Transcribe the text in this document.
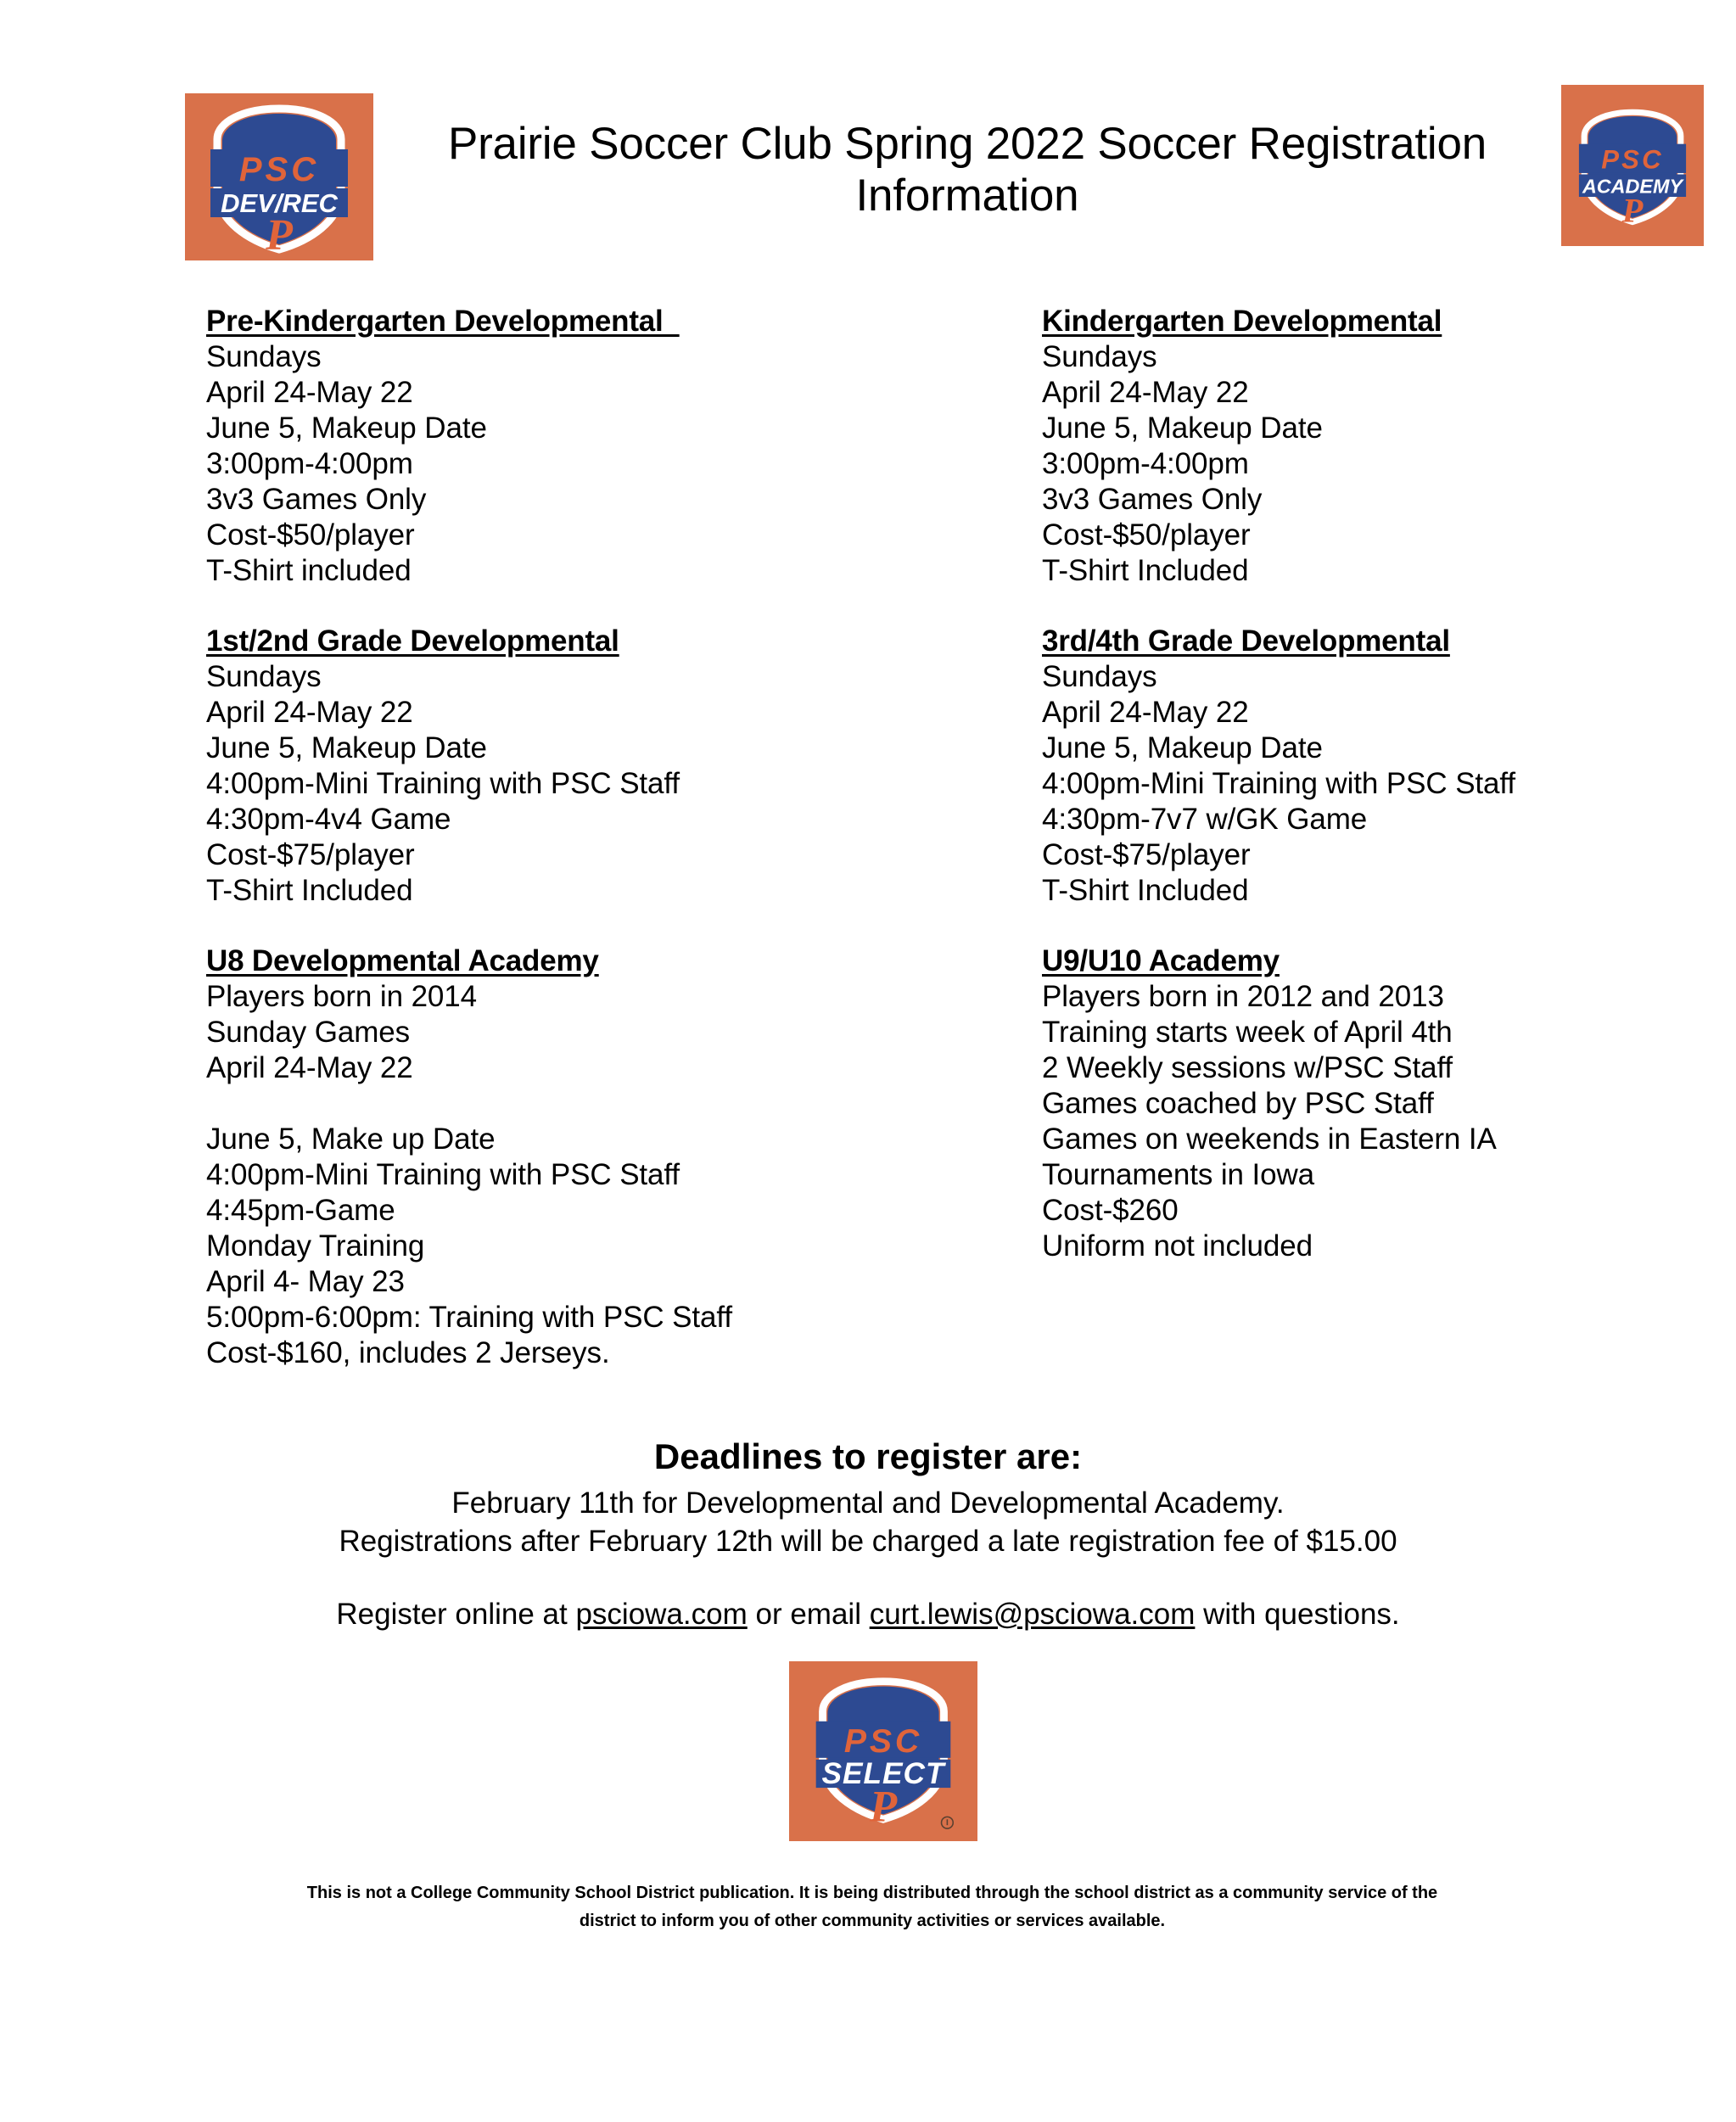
PSC
DEV/REC
P
Prairie Soccer Club Spring 2022 Soccer Registration
Information
PSC
ACADEMY
P
Pre-Kindergarten Developmental
Sundays
April 24-May 22
June 5, Makeup Date
3:00pm-4:00pm
3v3 Games Only
Cost-$50/player
T-Shirt included
1st/2nd Grade Developmental
Sundays
April 24-May 22
June 5, Makeup Date
4:00pm-Mini Training with PSC Staff
4:30pm-4v4 Game
Cost-$75/player
T-Shirt Included
U8 Developmental Academy
Players born in 2014
Sunday Games
April 24-May 22
June 5, Make up Date
4:00pm-Mini Training with PSC Staff
4:45pm-Game
Monday Training
April 4- May 23
5:00pm-6:00pm: Training with PSC Staff
Cost-$160, includes 2 Jerseys.
Kindergarten Developmental
Sundays
April 24-May 22
June 5, Makeup Date
3:00pm-4:00pm
3v3 Games Only
Cost-$50/player
T-Shirt Included
3rd/4th Grade Developmental
Sundays
April 24-May 22
June 5, Makeup Date
4:00pm-Mini Training with PSC Staff
4:30pm-7v7 w/GK Game
Cost-$75/player
T-Shirt Included
U9/U10 Academy
Players born in 2012 and 2013
Training starts week of April 4th
2 Weekly sessions w/PSC Staff
Games coached by PSC Staff
Games on weekends in Eastern IA
Tournaments in Iowa
Cost-$260
Uniform not included
Deadlines to register are:
February 11th for Developmental and Developmental Academy.
Registrations after February 12th will be charged a late registration fee of $15.00
Register online at psciowa.com or email curt.lewis@psciowa.com with questions.
PSC
SELECT
P
This is not a College Community School District publication. It is being distributed through the school district as a community service of the
district to inform you of other community activities or services available.
